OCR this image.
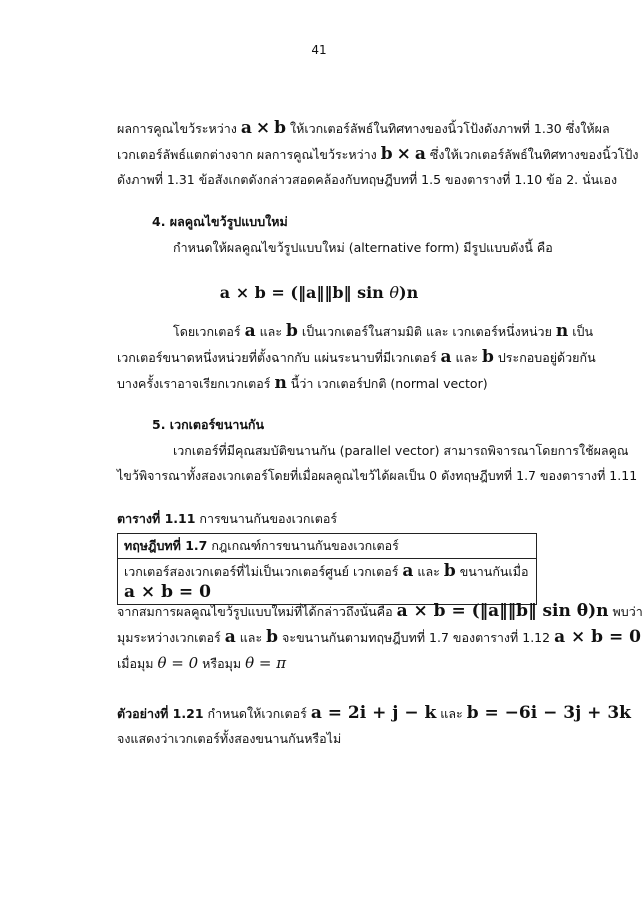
41
ผลการคูณไขว้ระหว่าง a × b ให้เวกเตอร์ลัพธ์ในทิศทางของนิ้วโป้งดังภาพที่ 1.30 ซึ่งให้ผล
เวกเตอร์ลัพธ์แตกต่างจาก ผลการคูณไขว้ระหว่าง b × a ซึ่งให้เวกเตอร์ลัพธ์ในทิศทางของนิ้วโป้ง
ดังภาพที่ 1.31 ข้อสังเกตดังกล่าวสอดคล้องกับทฤษฎีบทที่ 1.5 ของตารางที่ 1.10 ข้อ 2. นั่นเอง
4. ผลคูณไขว้รูปแบบใหม่
กำหนดให้ผลคูณไขว้รูปแบบใหม่ (alternative form) มีรูปแบบดังนี้ คือ
a × b = (‖a‖‖b‖ sin θ)n
โดยเวกเตอร์ a และ b เป็นเวกเตอร์ในสามมิติ และ เวกเตอร์หนึ่งหน่วย n เป็น
เวกเตอร์ขนาดหนึ่งหน่วยที่ตั้งฉากกับ แผ่นระนาบที่มีเวกเตอร์ a และ b ประกอบอยู่ด้วยกัน
บางครั้งเราอาจเรียกเวกเตอร์ n นี้ว่า เวกเตอร์ปกติ (normal vector)
5. เวกเตอร์ขนานกัน
เวกเตอร์ที่มีคุณสมบัติขนานกัน (parallel vector) สามารถพิจารณาโดยการใช้ผลคูณ
ไขว้พิจารณาทั้งสองเวกเตอร์โดยที่เมื่อผลคูณไขว้ได้ผลเป็น 0 ดังทฤษฎีบทที่ 1.7 ของตารางที่ 1.11
ตารางที่ 1.11 การขนานกันของเวกเตอร์
ทฤษฎีบทที่ 1.7 กฎเกณฑ์การขนานกันของเวกเตอร์
เวกเตอร์สองเวกเตอร์ที่ไม่เป็นเวกเตอร์ศูนย์ เวกเตอร์ a และ b ขนานกันเมื่อ a × b = 0
จากสมการผลคูณไขว้รูปแบบใหม่ที่ได้กล่าวถึงนั่นคือ a × b = (‖a‖‖b‖ sin θ)n พบว่า
มุมระหว่างเวกเตอร์ a และ b จะขนานกันตามทฤษฎีบทที่ 1.7 ของตารางที่ 1.12 a × b = 0
เมื่อมุม θ = 0 หรือมุม θ = π
ตัวอย่างที่ 1.21 กำหนดให้เวกเตอร์ a = 2i + j − k และ b = −6i − 3j + 3k
จงแสดงว่าเวกเตอร์ทั้งสองขนานกันหรือไม่
